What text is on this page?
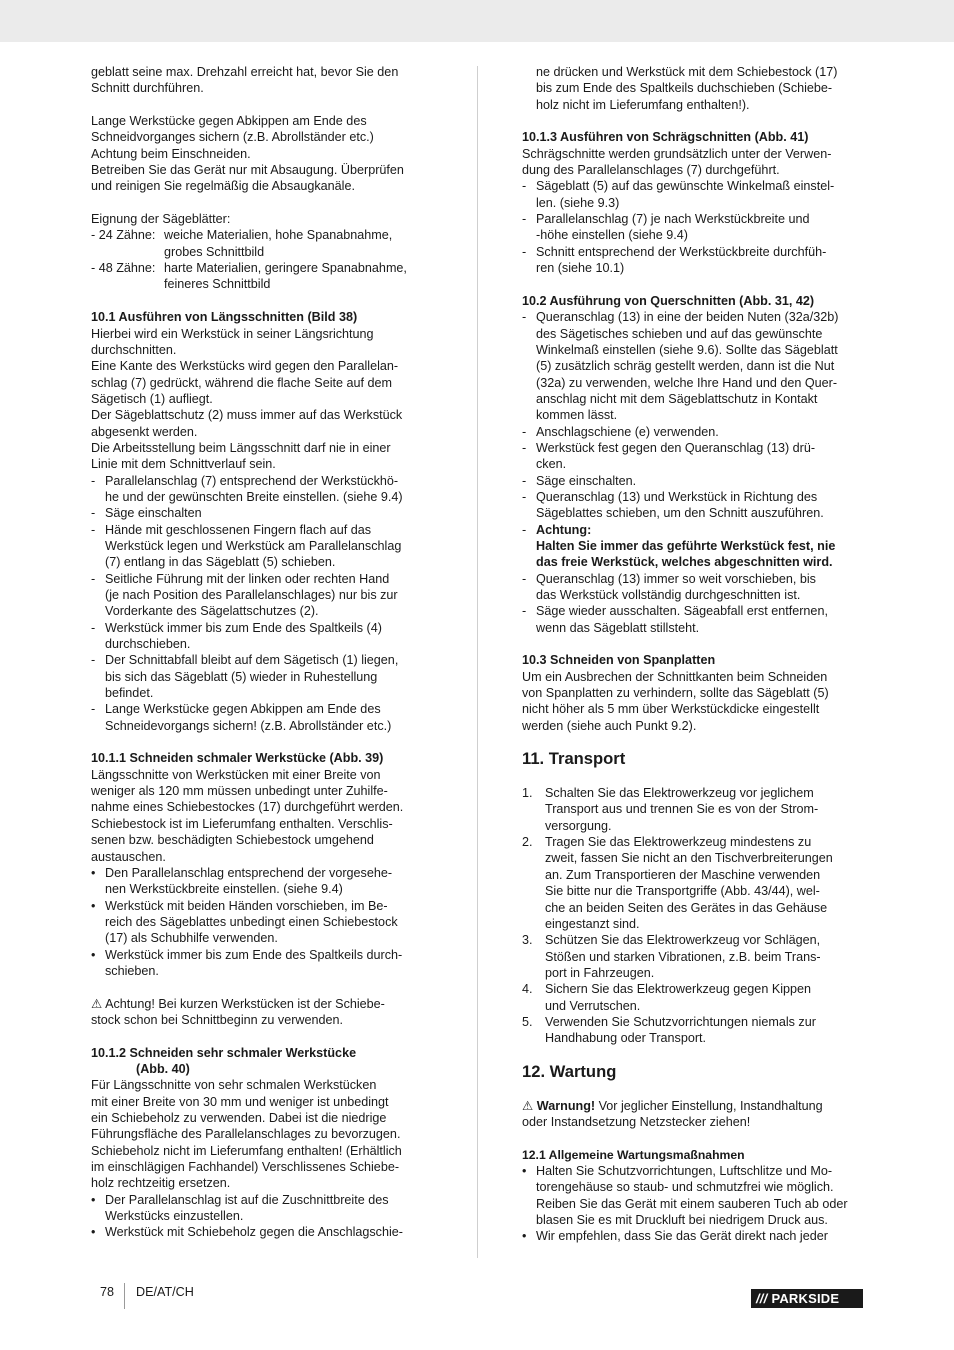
geblatt seine max. Drehzahl erreicht hat, bevor Sie den

Schnitt durchführen.

Lange Werkstücke gegen Abkippen am Ende des

Schneidvorganges sichern (z.B. Abrollständer etc.)

Achtung beim Einschneiden.

Betreiben Sie das Gerät nur mit Absaugung. Überprüfen

und reinigen Sie regelmäßig die Absaugkanäle.

Eignung der Sägeblätter:

- 24 Zähne: weiche Materialien, hohe Spanabnahme,
grobes Schnittbild
- 48 Zähne: harte Materialien, geringere Spanabnahme,
feineres Schnittbild

10.1 Ausführen von Längsschnitten (Bild 38)

Hierbei wird ein Werkstück in seiner Längsrichtung

durchschnitten.

Eine Kante des Werkstücks wird gegen den Parallelan-

schlag (7) gedrückt, während die flache Seite auf dem

Sägetisch (1) aufliegt.

Der Sägeblattschutz (2) muss immer auf das Werkstück

abgesenkt werden.

Die Arbeitsstellung beim Längsschnitt darf nie in einer

Linie mit dem Schnittverlauf sein.

- Parallelanschlag (7) entsprechend der Werkstückhö-

he und der gewünschten Breite einstellen. (siehe 9.4)

- Säge einschalten

- Hände mit geschlossenen Fingern flach auf das

Werkstück legen und Werkstück am Parallelanschlag

(7) entlang in das Sägeblatt (5) schieben.

- Seitliche Führung mit der linken oder rechten Hand

(je nach Position des Parallelanschlages) nur bis zur

Vorderkante des Sägelattschutzes (2).

- Werkstück immer bis zum Ende des Spaltkeils (4)

durchschieben.

- Der Schnittabfall bleibt auf dem Sägetisch (1) liegen,

bis sich das Sägeblatt (5) wieder in Ruhestellung

befindet.

- Lange Werkstücke gegen Abkippen am Ende des

Schneidevorgangs sichern! (z.B. Abrollständer etc.)

10.1.1 Schneiden schmaler Werkstücke (Abb. 39)

Längsschnitte von Werkstücken mit einer Breite von

weniger als 120 mm müssen unbedingt unter Zuhilfe-

nahme eines Schiebestockes (17) durchgeführt werden.

Schiebestock ist im Lieferumfang enthalten. Verschlis-

senen bzw. beschädigten Schiebestock umgehend

austauschen.

• Den Parallelanschlag entsprechend der vorgesehe-

nen Werkstückbreite einstellen. (siehe 9.4)

• Werkstück mit beiden Händen vorschieben, im Be-

reich des Sägeblattes unbedingt einen Schiebestock

(17) als Schubhilfe verwenden.

• Werkstück immer bis zum Ende des Spaltkeils durch-

schieben.

⚠ Achtung! Bei kurzen Werkstücken ist der Schiebe-

stock schon bei Schnittbeginn zu verwenden.

10.1.2 Schneiden sehr schmaler Werkstücke

(Abb. 40)

Für Längsschnitte von sehr schmalen Werkstücken

mit einer Breite von 30 mm und weniger ist unbedingt

ein Schiebeholz zu verwenden. Dabei ist die niedrige

Führungsfläche des Parallelanschlages zu bevorzugen.

Schiebeholz nicht im Lieferumfang enthalten! (Erhältlich

im einschlägigen Fachhandel) Verschlissenes Schiebe-

holz rechtzeitig ersetzen.

• Der Parallelanschlag ist auf die Zuschnittbreite des

Werkstücks einzustellen.

• Werkstück mit Schiebeholz gegen die Anschlagschie-

ne drücken und Werkstück mit dem Schiebestock (17)

bis zum Ende des Spaltkeils duchschieben (Schiebe-

holz nicht im Lieferumfang enthalten!).

10.1.3 Ausführen von Schrägschnitten (Abb. 41)

Schrägschnitte werden grundsätzlich unter der Verwen-

dung des Parallelanschlages (7) durchgeführt.

- Sägeblatt (5) auf das gewünschte Winkelmaß einstel-

len. (siehe 9.3)

- Parallelanschlag (7) je nach Werkstückbreite und

-höhe einstellen (siehe 9.4)

- Schnitt entsprechend der Werkstückbreite durchfüh-

ren (siehe 10.1)

10.2 Ausführung von Querschnitten (Abb. 31, 42)

- Queranschlag (13) in eine der beiden Nuten (32a/32b)

des Sägetisches schieben und auf das gewünschte

Winkelmaß einstellen (siehe 9.6). Sollte das Sägeblatt

(5) zusätzlich schräg gestellt werden, dann ist die Nut

(32a) zu verwenden, welche Ihre Hand und den Quer-

anschlag nicht mit dem Sägeblattschutz in Kontakt

kommen lässt.

- Anschlagschiene (e) verwenden.

- Werkstück fest gegen den Queranschlag (13) drü-

cken.

- Säge einschalten.

- Queranschlag (13) und Werkstück in Richtung des

Sägeblattes schieben, um den Schnitt auszuführen.

- Achtung:

Halten Sie immer das geführte Werkstück fest, nie

das freie Werkstück, welches abgeschnitten wird.

- Queranschlag (13) immer so weit vorschieben, bis

das Werkstück vollständig durchgeschnitten ist.

- Säge wieder ausschalten. Sägeabfall erst entfernen,

wenn das Sägeblatt stillsteht.

10.3 Schneiden von Spanplatten

Um ein Ausbrechen der Schnittkanten beim Schneiden

von Spanplatten zu verhindern, sollte das Sägeblatt (5)

nicht höher als 5 mm über Werkstückdicke eingestellt

werden (siehe auch Punkt 9.2).

11. Transport

1. Schalten Sie das Elektrowerkzeug vor jeglichem

Transport aus und trennen Sie es von der Strom-

versorgung.

2. Tragen Sie das Elektrowerkzeug mindestens zu

zweit, fassen Sie nicht an den Tischverbreiterungen

an. Zum Transportieren der Maschine verwenden

Sie bitte nur die Transportgriffe (Abb. 43/44), wel-

che an beiden Seiten des Gerätes in das Gehäuse

eingestanzt sind.

3. Schützen Sie das Elektrowerkzeug vor Schlägen,

Stößen und starken Vibrationen, z.B. beim Trans-

port in Fahrzeugen.

4. Sichern Sie das Elektrowerkzeug gegen Kippen

und Verrutschen.

5. Verwenden Sie Schutzvorrichtungen niemals zur

Handhabung oder Transport.

12. Wartung

⚠ Warnung! Vor jeglicher Einstellung, Instandhaltung

oder Instandsetzung Netzstecker ziehen!

12.1 Allgemeine Wartungsmaßnahmen

• Halten Sie Schutzvorrichtungen, Luftschlitze und Mo-

torengehäuse so staub- und schmutzfrei wie möglich.

Reiben Sie das Gerät mit einem sauberen Tuch ab oder

blasen Sie es mit Druckluft bei niedrigem Druck aus.

• Wir empfehlen, dass Sie das Gerät direkt nach jeder

78 DE/AT/CH	/// PARKSIDE
